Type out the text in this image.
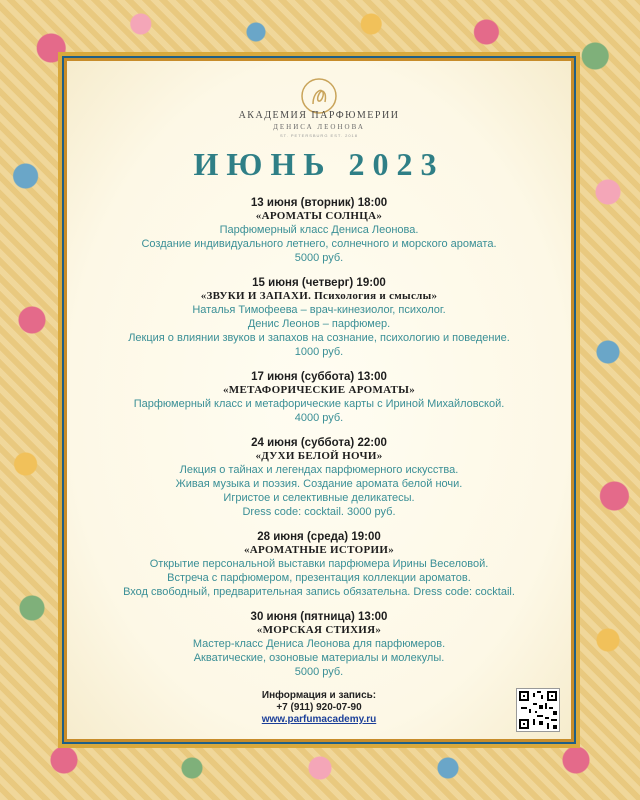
АКАДЕМИЯ ПАРФЮМЕРИИ
ДЕНИСА ЛЕОНОВА
ST. PETERSBURG EST. 2018
ИЮНЬ 2023
13 июня (вторник) 18:00
«АРОМАТЫ СОЛНЦА»
Парфюмерный класс Дениса Леонова.
Создание индивидуального летнего, солнечного и морского аромата.
5000 руб.
15 июня (четверг) 19:00
«ЗВУКИ И ЗАПАХИ. Психология и смыслы»
Наталья Тимофеева – врач-кинезиолог, психолог.
Денис Леонов – парфюмер.
Лекция о влиянии звуков и запахов на сознание, психологию и поведение.
1000 руб.
17 июня (суббота) 13:00
«МЕТАФОРИЧЕСКИЕ АРОМАТЫ»
Парфюмерный класс и метафорические карты с Ириной Михайловской.
4000 руб.
24 июня (суббота) 22:00
«ДУХИ БЕЛОЙ НОЧИ»
Лекция о тайнах и легендах парфюмерного искусства.
Живая музыка и поэзия. Создание аромата белой ночи.
Игристое и селективные деликатесы.
Dress code: cocktail. 3000 руб.
28 июня (среда) 19:00
«АРОМАТНЫЕ ИСТОРИИ»
Открытие персональной выставки парфюмера Ирины Веселовой.
Встреча с парфюмером, презентация коллекции ароматов.
Вход свободный, предварительная запись обязательна. Dress code: cocktail.
30 июня (пятница) 13:00
«МОРСКАЯ СТИХИЯ»
Мастер-класс Дениса Леонова для парфюмеров.
Акватические, озоновые материалы и молекулы.
5000 руб.
Информация и запись:
+7 (911) 920-07-90
www.parfumacademy.ru
